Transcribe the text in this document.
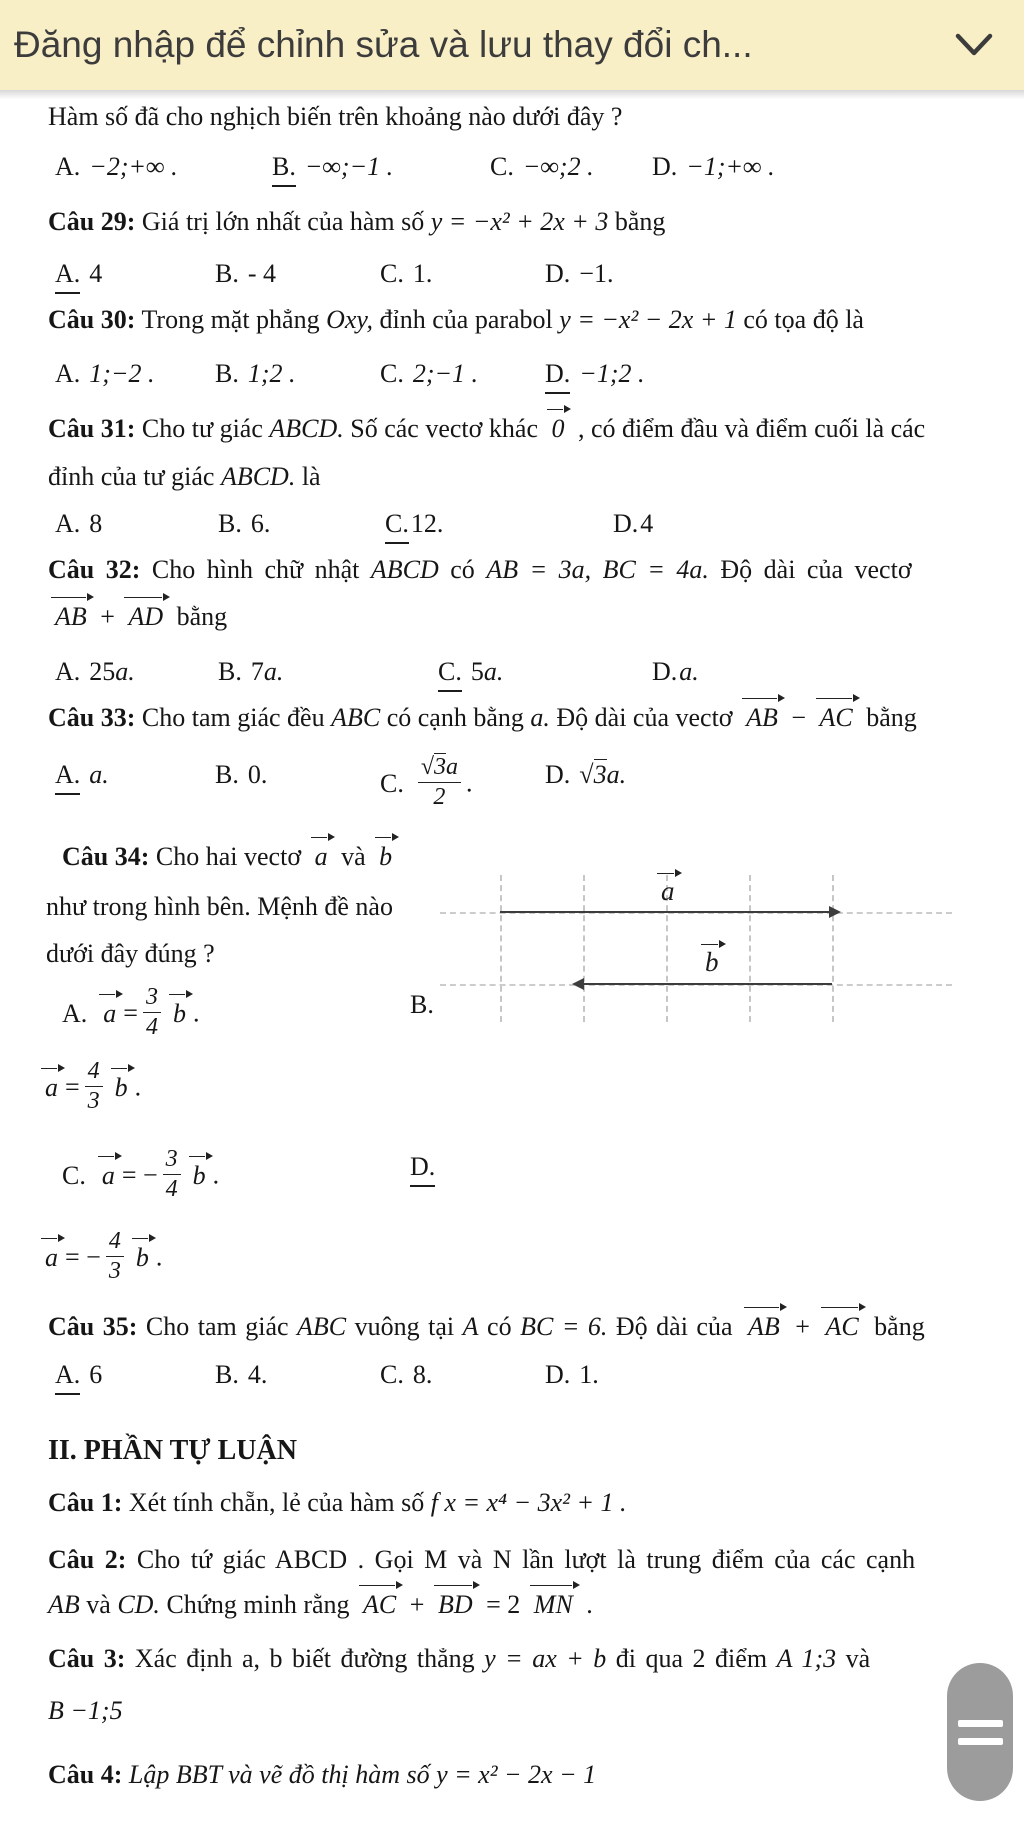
Đăng nhập để chỉnh sửa và lưu thay đổi ch...
Hàm số đã cho nghịch biến trên khoảng nào dưới đây ?
A. −2;+∞ .	B. −∞;−1 .	C. −∞;2 . D. −1;+∞ .
Câu 29: Giá trị lớn nhất của hàm số y = −x² + 2x + 3 bằng
A. 4	B. - 4	C. 1.	D. −1.
Câu 30: Trong mặt phẳng Oxy, đỉnh của parabol y = −x² − 2x + 1 có tọa độ là
A. 1;−2 . B. 1;2 .	C. 2;−1 .	D. −1;2 .
Câu 31: Cho tư giác ABCD. Số các vectơ khác 0 , có điểm đầu và điểm cuối là các
đỉnh của tư giác ABCD. là
A. 8	B. 6.	C.12.	D.4
Câu 32: Cho hình chữ nhật ABCD có AB = 3a, BC = 4a. Độ dài của vectơ
AB + AD bằng
A. 25a.	B. 7a.	C. 5a.	D.a.
Câu 33: Cho tam giác đều ABC có cạnh bằng a. Độ dài của vectơ AB − AC bằng
A. a.	B. 0.	C. $\frac{√3a}{2}$ .	D. √3a.
Câu 34: Cho hai vectơ a và b
như trong hình bên. Mệnh đề nào
dưới đây đúng ?
a
b
A. $a = \frac{3}{4}$ b .	B.
$a = \frac{4}{3}$ b .
C. a = − $\frac{3}{4}$ b .	D.
a = − $\frac{4}{3}$ b .
Câu 35: Cho tam giác ABC vuông tại A có BC = 6. Độ dài của AB + AC bằng
A. 6	B. 4.	C. 8.	D. 1.
II. PHẦN TỰ LUẬN
Câu 1: Xét tính chẵn, lẻ của hàm số f x = x⁴ − 3x² + 1 .
Câu 2: Cho tứ giác ABCD . Gọi M và N lần lượt là trung điểm của các cạnh
AB và CD. Chứng minh rằng AC + BD = 2 MN .
Câu 3: Xác định a, b biết đường thẳng y = ax + b đi qua 2 điểm A 1;3 và
B −1;5
Câu 4: Lập BBT và vẽ đồ thị hàm số y = x² − 2x − 1
